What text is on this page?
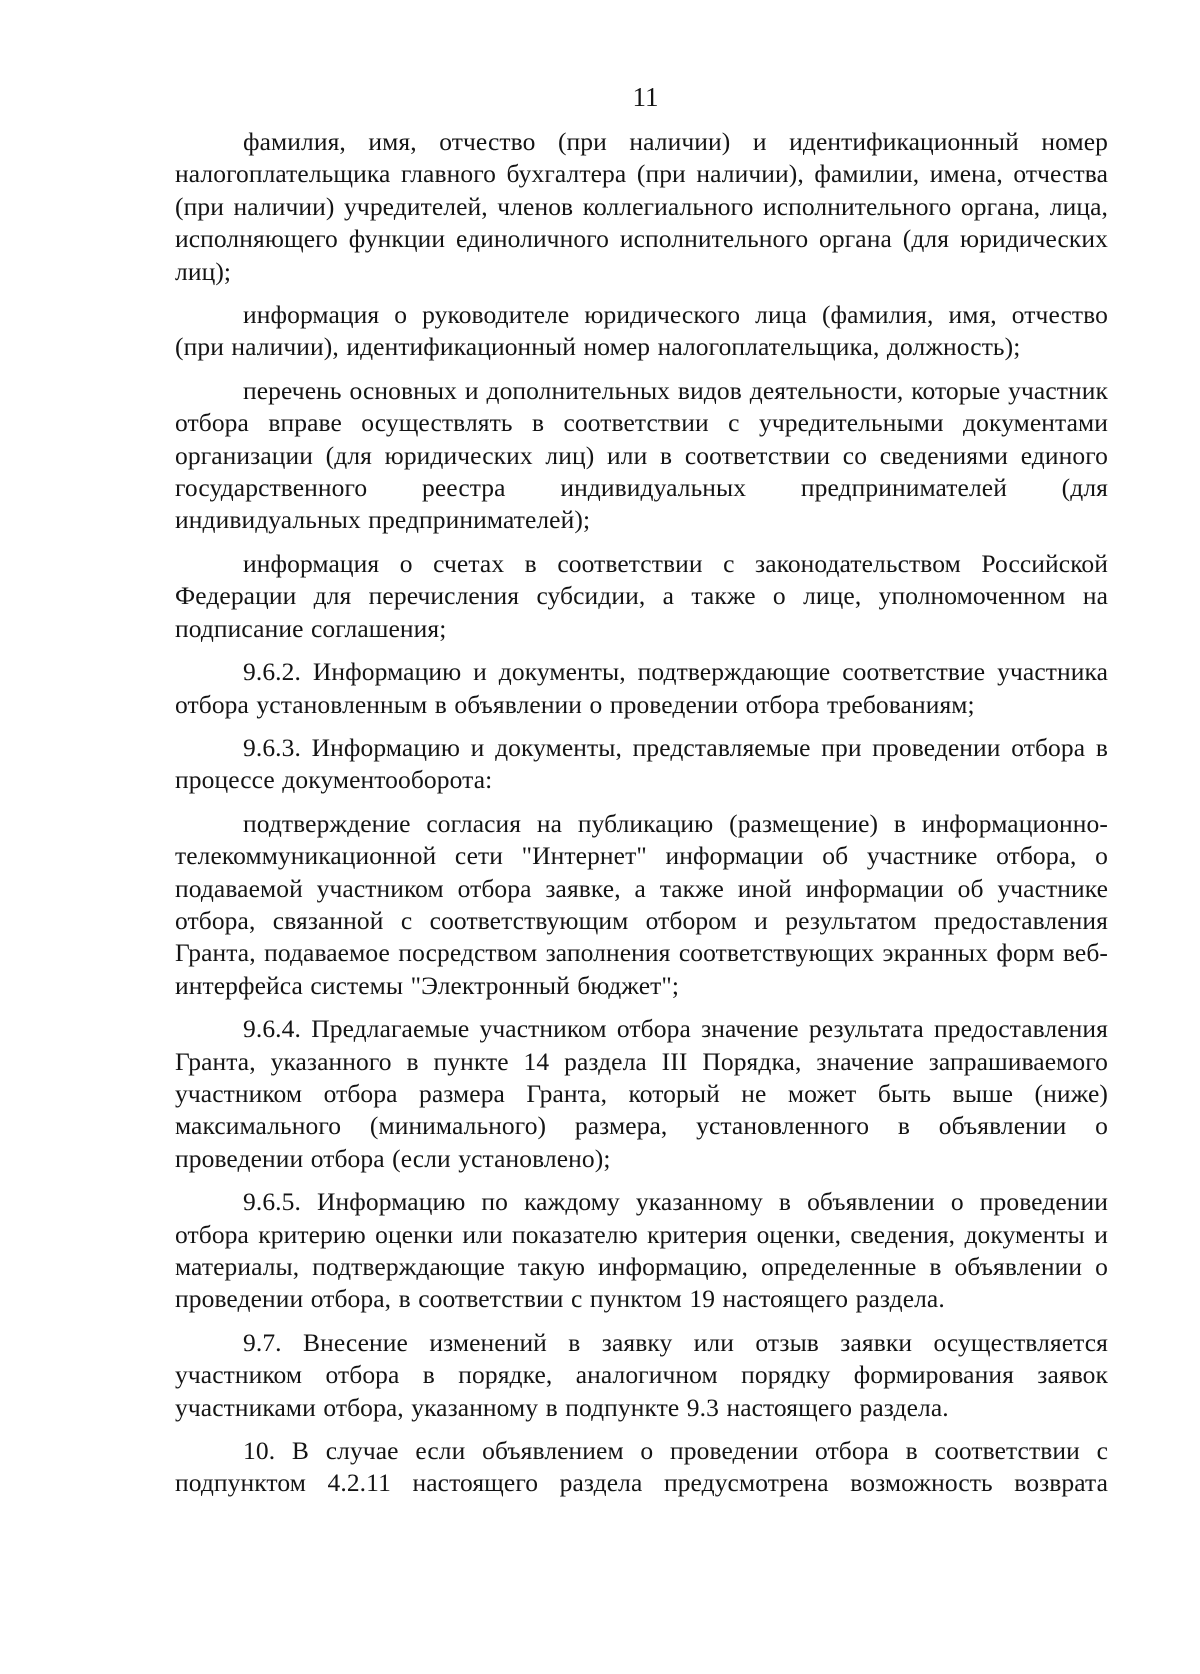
11

фамилия, имя, отчество (при наличии) и идентификационный номер налогоплательщика главного бухгалтера (при наличии), фамилии, имена, отчества (при наличии) учредителей, членов коллегиального исполнительного органа, лица, исполняющего функции единоличного исполнительного органа (для юридических лиц);

информация о руководителе юридического лица (фамилия, имя, отчество (при наличии), идентификационный номер налогоплательщика, должность);

перечень основных и дополнительных видов деятельности, которые участник отбора вправе осуществлять в соответствии с учредительными документами организации (для юридических лиц) или в соответствии со сведениями единого государственного реестра индивидуальных предпринимателей (для индивидуальных предпринимателей);

информация о счетах в соответствии с законодательством Российской Федерации для перечисления субсидии, а также о лице, уполномоченном на подписание соглашения;

9.6.2. Информацию и документы, подтверждающие соответствие участника отбора установленным в объявлении о проведении отбора требованиям;

9.6.3. Информацию и документы, представляемые при проведении отбора в процессе документооборота:

подтверждение согласия на публикацию (размещение) в информационно-телекоммуникационной сети "Интернет" информации об участнике отбора, о подаваемой участником отбора заявке, а также иной информации об участнике отбора, связанной с соответствующим отбором и результатом предоставления Гранта, подаваемое посредством заполнения соответствующих экранных форм веб-интерфейса системы "Электронный бюджет";

9.6.4. Предлагаемые участником отбора значение результата предоставления Гранта, указанного в пункте 14 раздела III Порядка, значение запрашиваемого участником отбора размера Гранта, который не может быть выше (ниже) максимального (минимального) размера, установленного в объявлении о проведении отбора (если установлено);

9.6.5. Информацию по каждому указанному в объявлении о проведении отбора критерию оценки или показателю критерия оценки, сведения, документы и материалы, подтверждающие такую информацию, определенные в объявлении о проведении отбора, в соответствии с пунктом 19 настоящего раздела.

9.7. Внесение изменений в заявку или отзыв заявки осуществляется участником отбора в порядке, аналогичном порядку формирования заявок участниками отбора, указанному в подпункте 9.3 настоящего раздела.

10. В случае если объявлением о проведении отбора в соответствии с подпунктом 4.2.11 настоящего раздела предусмотрена возможность возврата
